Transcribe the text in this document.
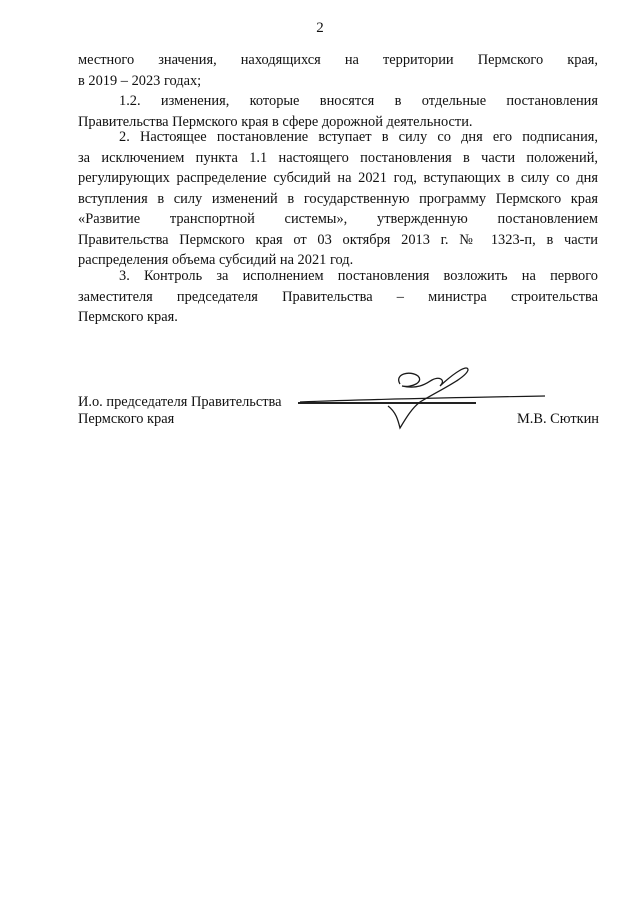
2
местного значения, находящихся на территории Пермского края,
в 2019 – 2023 годах;
1.2. изменения, которые вносятся в отдельные постановления
Правительства Пермского края в сфере дорожной деятельности.
2. Настоящее постановление вступает в силу со дня его подписания,
за исключением пункта 1.1 настоящего постановления в части положений,
регулирующих распределение субсидий на 2021 год, вступающих в силу со дня
вступления в силу изменений в государственную программу Пермского края
«Развитие транспортной системы», утвержденную постановлением
Правительства Пермского края от 03 октября 2013 г. № 1323-п, в части
распределения объема субсидий на 2021 год.
3. Контроль за исполнением постановления возложить на первого
заместителя председателя Правительства – министра строительства
Пермского края.
И.о. председателя Правительства
Пермского края	М.В. Сюткин
